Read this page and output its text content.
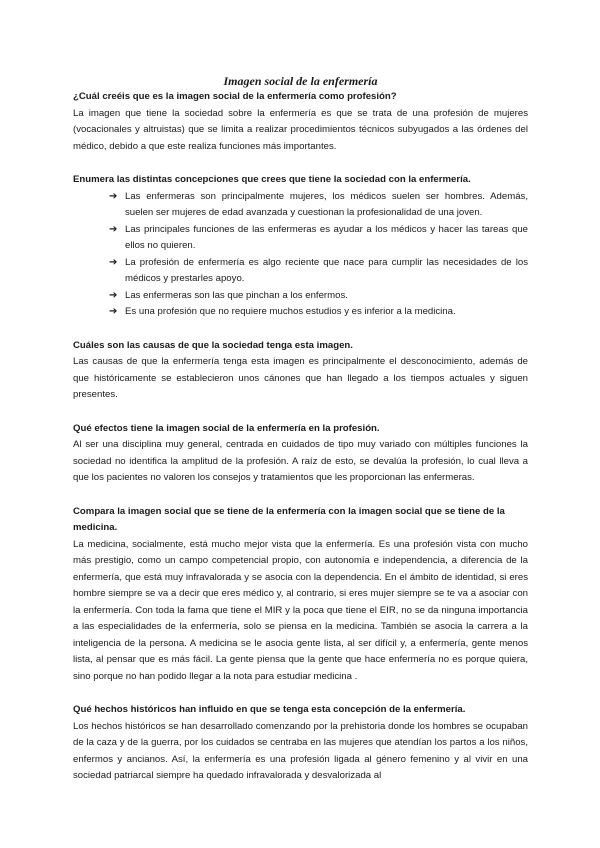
Imagen social de la enfermería

¿Cuál creéis que es la imagen social de la enfermería como profesión?

La imagen que tiene la sociedad sobre la enfermería es que se trata de una profesión de mujeres (vocacionales y altruistas) que se limita a realizar procedimientos técnicos subyugados a las órdenes del médico, debido a que este realiza funciones más importantes.

Enumera las distintas concepciones que crees que tiene la sociedad con la enfermería.

➔ Las enfermeras son principalmente mujeres, los médicos suelen ser hombres. Además, suelen ser mujeres de edad avanzada y cuestionan la profesionalidad de una joven.
➔ Las principales funciones de las enfermeras es ayudar a los médicos y hacer las tareas que ellos no quieren.
➔ La profesión de enfermería es algo reciente que nace para cumplir las necesidades de los médicos y prestarles apoyo.
➔ Las enfermeras son las que pinchan a los enfermos.
➔ Es una profesión que no requiere muchos estudios y es inferior a la medicina.

Cuáles son las causas de que la sociedad tenga esta imagen.

Las causas de que la enfermería tenga esta imagen es principalmente el desconocimiento, además de que históricamente se establecieron unos cánones que han llegado a los tiempos actuales y siguen presentes.

Qué efectos tiene la imagen social de la enfermería en la profesión.

Al ser una disciplina muy general, centrada en cuidados de tipo muy variado con múltiples funciones la sociedad no identifica la amplitud de la profesión. A raíz de esto, se devalúa la profesión, lo cual lleva a que los pacientes no valoren los consejos y tratamientos que les proporcionan las enfermeras.

Compara la imagen social que se tiene de la enfermería con la imagen social que se tiene de la medicina.

La medicina, socialmente, está mucho mejor vista que la enfermería. Es una profesión vista con mucho más prestigio, como un campo competencial propio, con autonomía e independencia, a diferencia de la enfermería, que está muy infravalorada y se asocia con la dependencia. En el ámbito de identidad, si eres hombre siempre se va a decir que eres médico y, al contrario, si eres mujer siempre se te va a asociar con la enfermería. Con toda la fama que tiene el MIR y la poca que tiene el EIR, no se da ninguna importancia a las especialidades de la enfermería, solo se piensa en la medicina. También se asocia la carrera a la inteligencia de la persona. A medicina se le asocia gente lista, al ser difícil y, a enfermería, gente menos lista, al pensar que es más fácil. La gente piensa que la gente que hace enfermería no es porque quiera, sino porque no han podido llegar a la nota para estudiar medicina .

Qué hechos históricos han influido en que se tenga esta concepción de la enfermería.

Los hechos históricos se han desarrollado comenzando por la prehistoria donde los hombres se ocupaban de la caza y de la guerra, por los cuidados se centraba en las mujeres que atendían los partos a los niños, enfermos y ancianos. Así, la enfermería es una profesión ligada al género femenino y al vivir en una sociedad patriarcal siempre ha quedado infravalorada y desvalorizada al
